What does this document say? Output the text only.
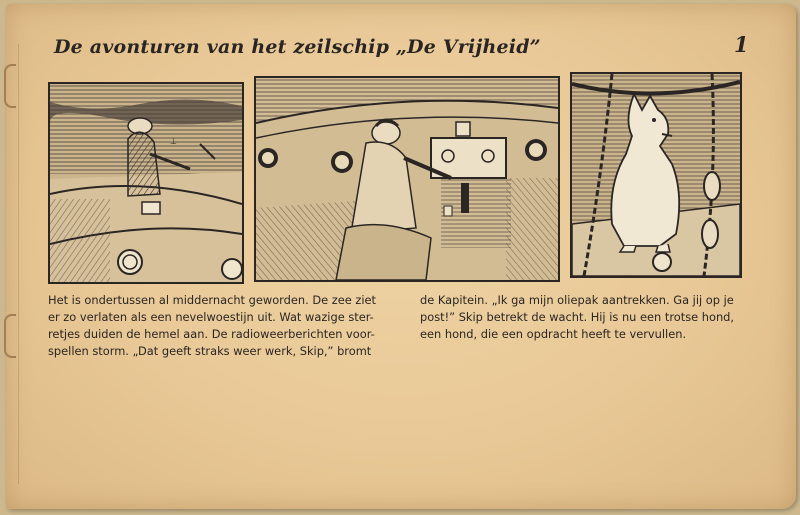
De avonturen van het zeilschip „De Vrijheid”	1
⊥
Het is ondertussen al middernacht geworden. De zee ziet
er zo verlaten als een nevelwoestijn uit. Wat wazige ster-
retjes duiden de hemel aan. De radioweerberichten voor-
spellen storm. „Dat geeft straks weer werk, Skip,” bromt
de Kapitein. „Ik ga mijn oliepak aantrekken. Ga jij op je
post!” Skip betrekt de wacht. Hij is nu een trotse hond,
een hond, die een opdracht heeft te vervullen.
